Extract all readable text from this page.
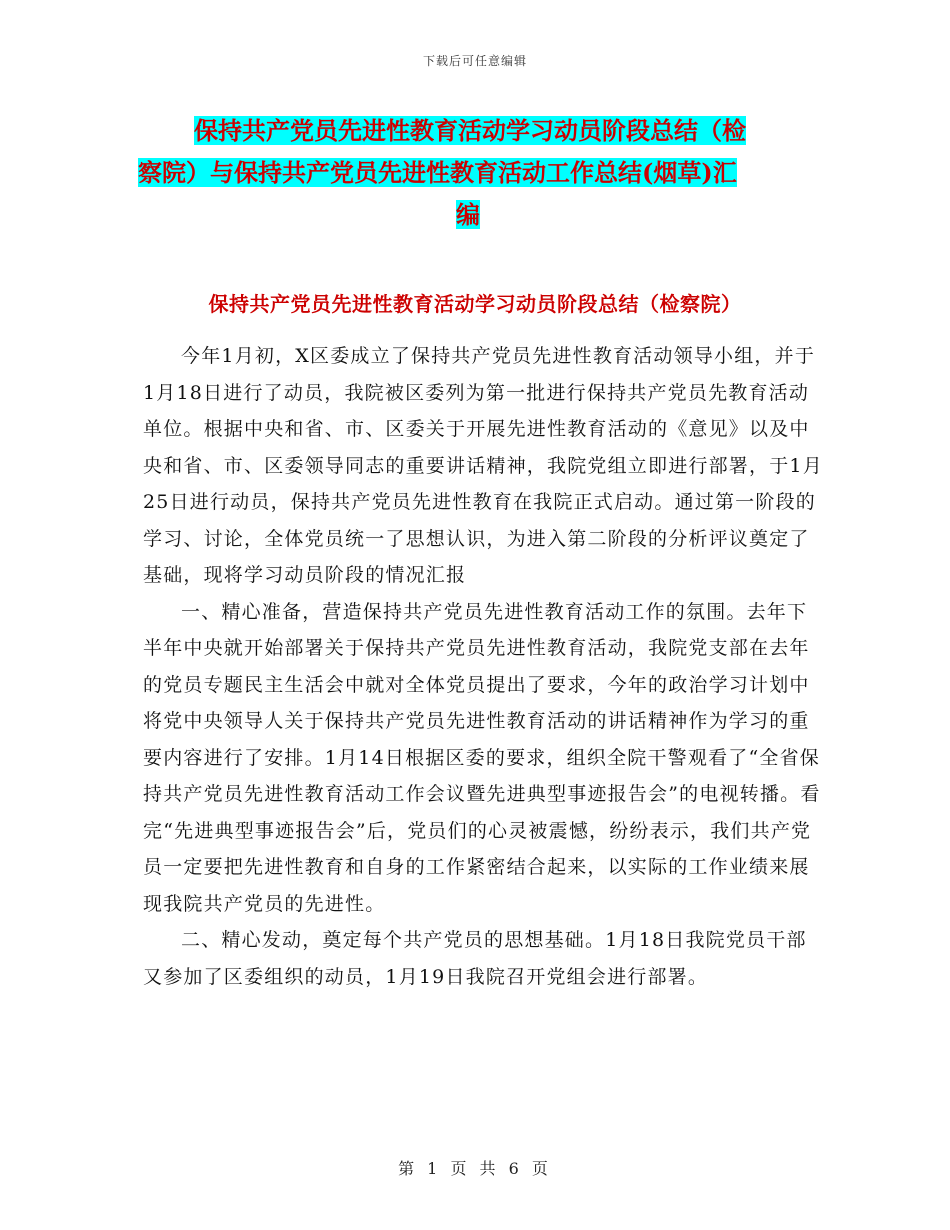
下载后可任意编辑
保持共产党员先进性教育活动学习动员阶段总结（检
察院）与保持共产党员先进性教育活动工作总结(烟草)汇
编
保持共产党员先进性教育活动学习动员阶段总结（检察院）

今年1月初，X区委成立了保持共产党员先进性教育活动领导小组，并于1月18日进行了动员，我院被区委列为第一批进行保持共产党员先教育活动单位。根据中央和省、市、区委关于开展先进性教育活动的《意见》以及中央和省、市、区委领导同志的重要讲话精神，我院党组立即进行部署，于1月25日进行动员，保持共产党员先进性教育在我院正式启动。通过第一阶段的学习、讨论，全体党员统一了思想认识，为进入第二阶段的分析评议奠定了基础，现将学习动员阶段的情况汇报

一、精心准备，营造保持共产党员先进性教育活动工作的氛围。去年下半年中央就开始部署关于保持共产党员先进性教育活动，我院党支部在去年的党员专题民主生活会中就对全体党员提出了要求，今年的政治学习计划中将党中央领导人关于保持共产党员先进性教育活动的讲话精神作为学习的重要内容进行了安排。1月14日根据区委的要求，组织全院干警观看了“全省保持共产党员先进性教育活动工作会议暨先进典型事迹报告会”的电视转播。看完“先进典型事迹报告会”后，党员们的心灵被震憾，纷纷表示，我们共产党员一定要把先进性教育和自身的工作紧密结合起来，以实际的工作业绩来展现我院共产党员的先进性。

二、精心发动，奠定每个共产党员的思想基础。1月18日我院党员干部又参加了区委组织的动员，1月19日我院召开党组会进行部署。

第 1 页 共 6 页
